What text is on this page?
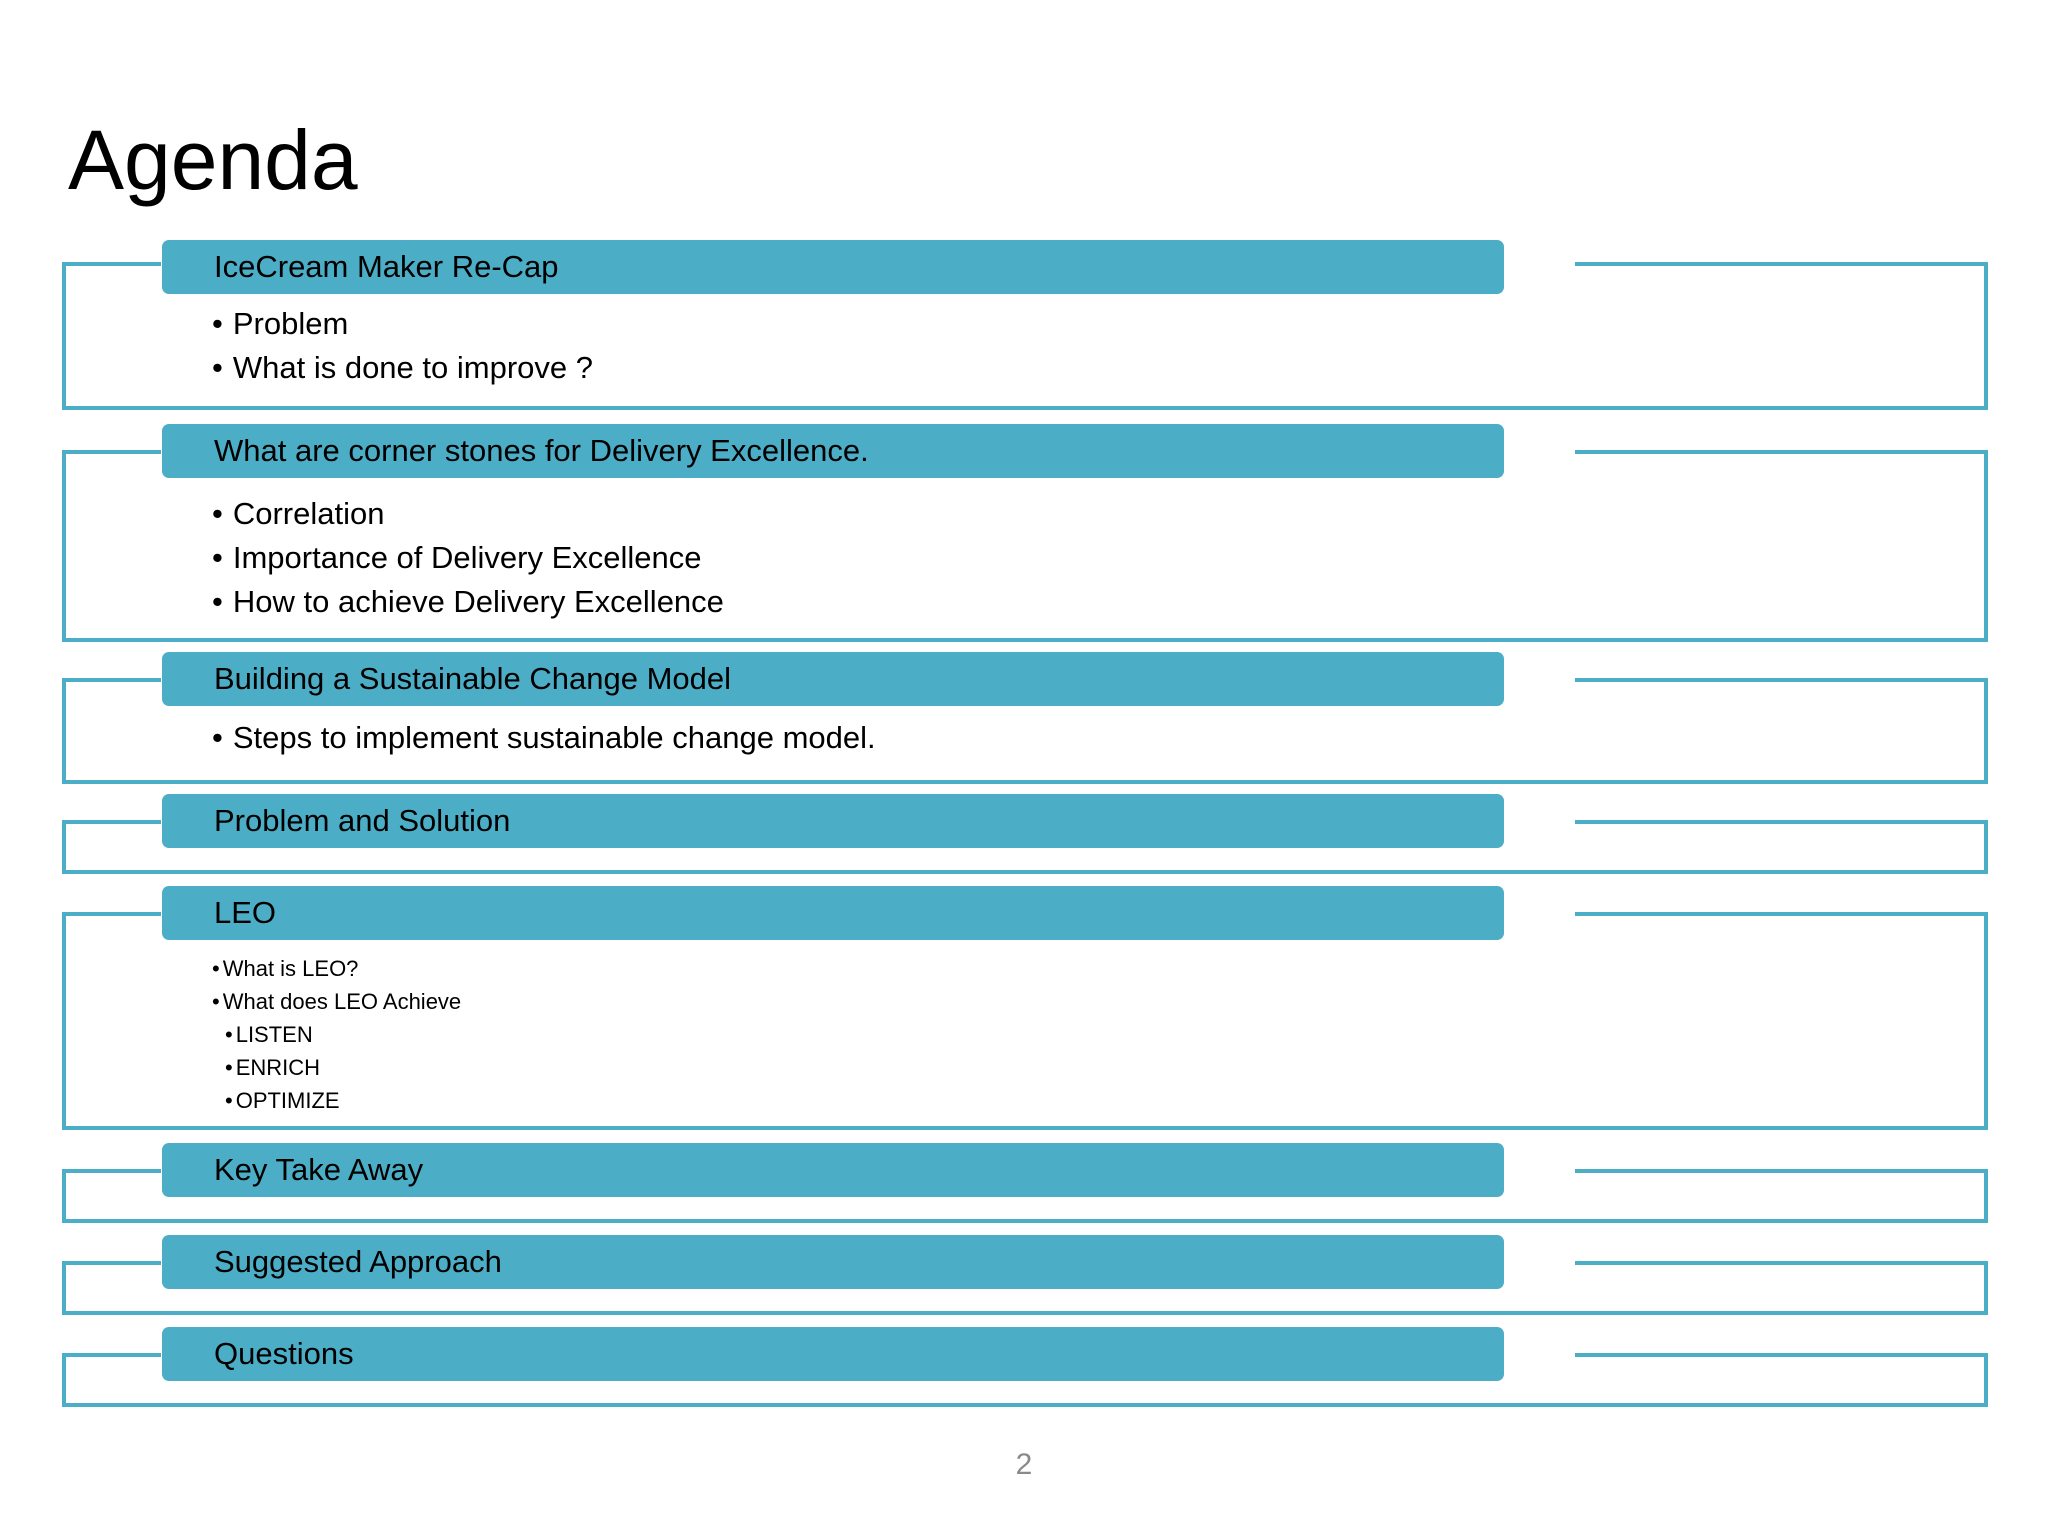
Agenda
IceCream Maker Re-Cap
• Problem
• What is done to improve ?
What are corner stones for Delivery Excellence.
• Correlation
• Importance of Delivery Excellence
• How to achieve Delivery Excellence
Building a Sustainable Change Model
• Steps to implement sustainable change model.
Problem and Solution
LEO
• What is LEO?
• What does LEO Achieve
• LISTEN
• ENRICH
• OPTIMIZE
Key Take Away
Suggested Approach
Questions
2
